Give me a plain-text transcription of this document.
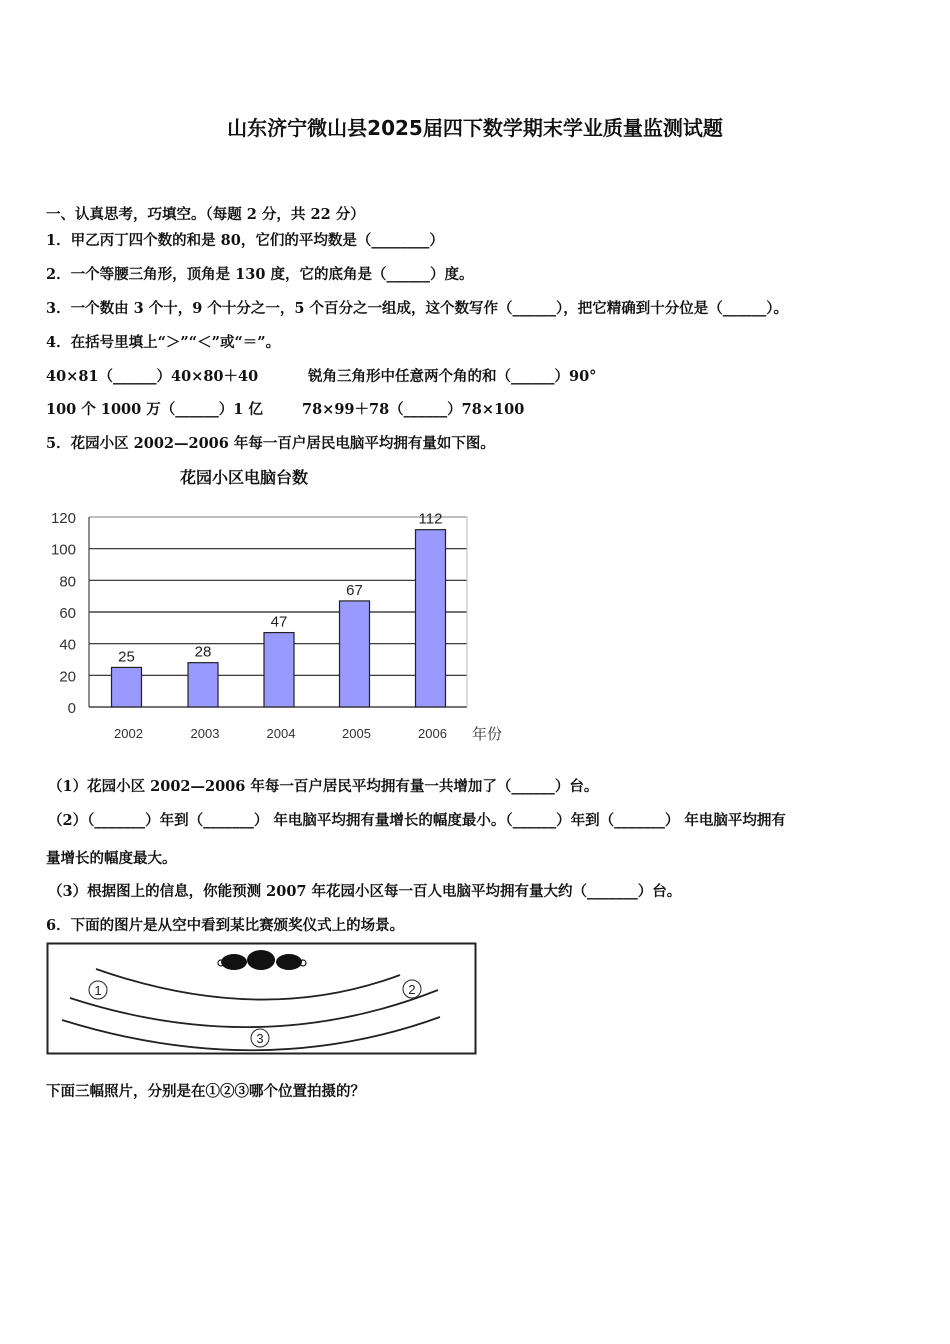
山东济宁微山县2025届四下数学期末学业质量监测试题
一、认真思考，巧填空。（每题 2 分，共 22 分）
1．甲乙丙丁四个数的和是 80，它们的平均数是（________）
2．一个等腰三角形，顶角是 130 度，它的底角是（______）度。
3．一个数由 3 个十，9 个十分之一，5 个百分之一组成，这个数写作（______），把它精确到十分位是（______）。
4．在括号里填上“＞”“＜”或“＝”。
40×81（______）40×80＋40	锐角三角形中任意两个角的和（______）90°
100 个 1000 万（______）1 亿	78×99＋78（______）78×100
5．花园小区 2002—2006 年每一百户居民电脑平均拥有量如下图。
花园小区电脑台数
0
20
40
60
80
100
120
25
2002
28
2003
47
2004
67
2005
112
2006 年份
（1）花园小区 2002—2006 年每一百户居民平均拥有量一共增加了（______）台。
（2）（_______）年到（_______） 年电脑平均拥有量增长的幅度最小。（______）年到（_______） 年电脑平均拥有
量增长的幅度最大。
（3）根据图上的信息，你能预测 2007 年花园小区每一百人电脑平均拥有量大约（_______）台。
6．下面的图片是从空中看到某比赛颁奖仪式上的场景。
1	2
3
下面三幅照片，分别是在①②③哪个位置拍摄的？
